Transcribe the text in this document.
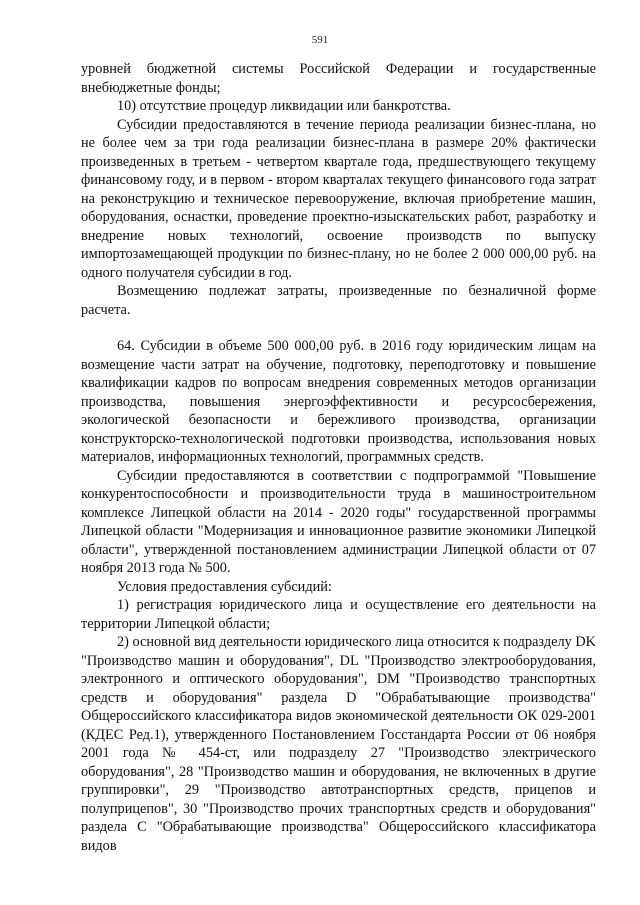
591

уровней бюджетной системы Российской Федерации и государственные внебюджетные фонды;

10) отсутствие процедур ликвидации или банкротства.

Субсидии предоставляются в течение периода реализации бизнес-плана, но не более чем за три года реализации бизнес-плана в размере 20% фактически произведенных в третьем - четвертом квартале года, предшествующего текущему финансовому году, и в первом - втором кварталах текущего финансового года затрат на реконструкцию и техническое перевооружение, включая приобретение машин, оборудования, оснастки, проведение проектно-изыскательских работ, разработку и внедрение новых технологий, освоение производств по выпуску импортозамещающей продукции по бизнес-плану, но не более 2 000 000,00 руб. на одного получателя субсидии в год.

Возмещению подлежат затраты, произведенные по безналичной форме расчета.

64. Субсидии в объеме 500 000,00 руб. в 2016 году юридическим лицам на возмещение части затрат на обучение, подготовку, переподготовку и повышение квалификации кадров по вопросам внедрения современных методов организации производства, повышения энергоэффективности и ресурсосбережения, экологической безопасности и бережливого производства, организации конструкторско-технологической подготовки производства, использования новых материалов, информационных технологий, программных средств.

Субсидии предоставляются в соответствии с подпрограммой "Повышение конкурентоспособности и производительности труда в машиностроительном комплексе Липецкой области на 2014 - 2020 годы" государственной программы Липецкой области "Модернизация и инновационное развитие экономики Липецкой области", утвержденной постановлением администрации Липецкой области от 07 ноября 2013 года № 500.

Условия предоставления субсидий:

1) регистрация юридического лица и осуществление его деятельности на территории Липецкой области;

2) основной вид деятельности юридического лица относится к подразделу DK "Производство машин и оборудования", DL "Производство электрооборудования, электронного и оптического оборудования", DM "Производство транспортных средств и оборудования" раздела D "Обрабатывающие производства" Общероссийского классификатора видов экономической деятельности ОК 029-2001 (КДЕС Ред.1), утвержденного Постановлением Госстандарта России от 06 ноября 2001 года № 454-ст, или подразделу 27 "Производство электрического оборудования", 28 "Производство машин и оборудования, не включенных в другие группировки", 29 "Производство автотранспортных средств, прицепов и полуприцепов", 30 "Производство прочих транспортных средств и оборудования" раздела C "Обрабатывающие производства" Общероссийского классификатора видов
